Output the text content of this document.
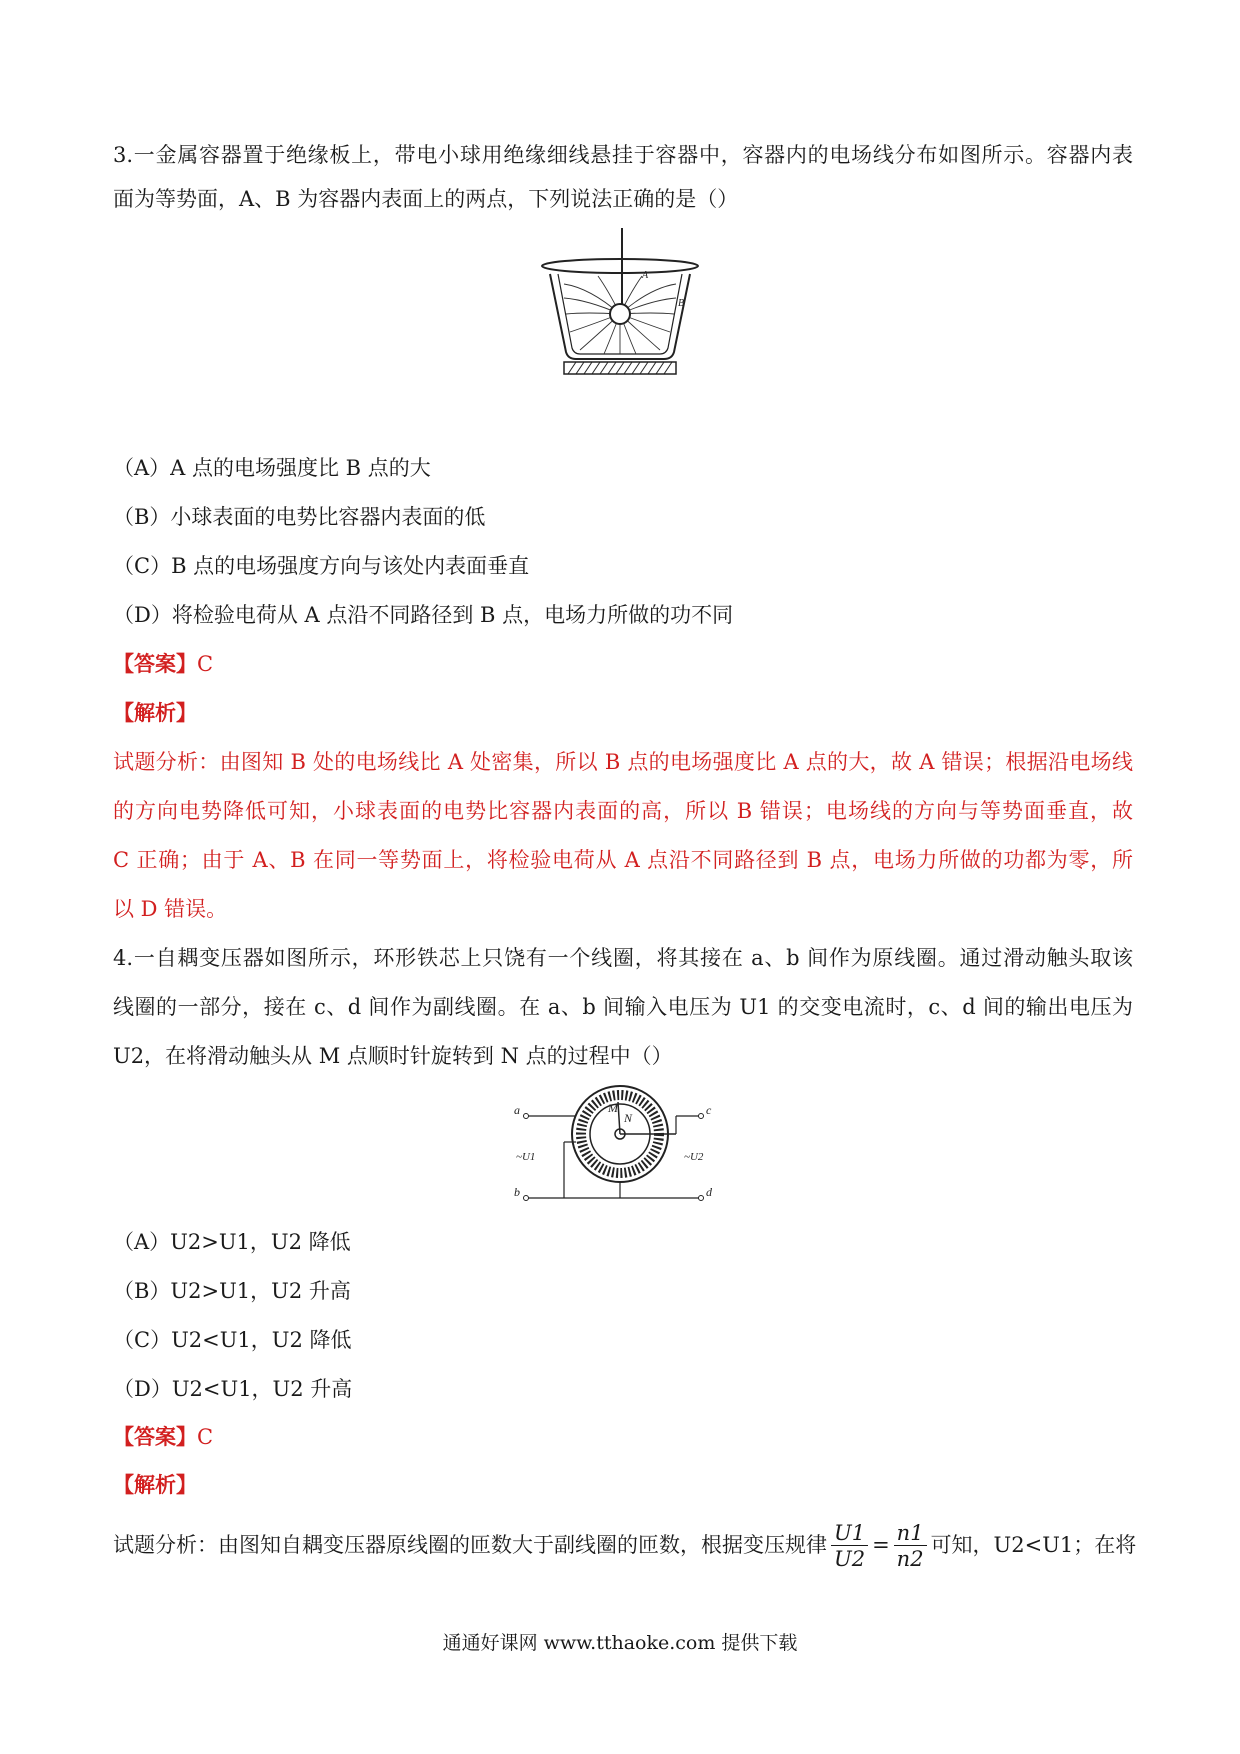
3.一金属容器置于绝缘板上，带电小球用绝缘细线悬挂于容器中，容器内的电场线分布如图所示。容器内表
面为等势面，A、B 为容器内表面上的两点，下列说法正确的是（）
A
B
（A）A 点的电场强度比 B 点的大
（B）小球表面的电势比容器内表面的低
（C）B 点的电场强度方向与该处内表面垂直
（D）将检验电荷从 A 点沿不同路径到 B 点，电场力所做的功不同
【答案】C
【解析】
试题分析：由图知 B 处的电场线比 A 处密集，所以 B 点的电场强度比 A 点的大，故 A 错误；根据沿电场线
的方向电势降低可知，小球表面的电势比容器内表面的高，所以 B 错误；电场线的方向与等势面垂直，故
C 正确；由于 A、B 在同一等势面上，将检验电荷从 A 点沿不同路径到 B 点，电场力所做的功都为零，所
以 D 错误。
4.一自耦变压器如图所示，环形铁芯上只饶有一个线圈，将其接在 a、b 间作为原线圈。通过滑动触头取该
线圈的一部分，接在 c、d 间作为副线圈。在 a、b 间输入电压为 U1 的交变电流时，c、d 间的输出电压为
U2，在将滑动触头从 M 点顺时针旋转到 N 点的过程中（）
M
N
a
b
c
d
~U1	~U2
（A）U2>U1，U2 降低
（B）U2>U1，U2 升高
（C）U2<U1，U2 降低
（D）U2<U1，U2 升高
【答案】C
【解析】
试题分析：由图知自耦变压器原线圈的匝数大于副线圈的匝数，根据变压规律 $\frac{U1}{U2} = \frac{n1}{n2}$ 可知，U2<U1；在将
通通好课网 www.tthaoke.com 提供下载
